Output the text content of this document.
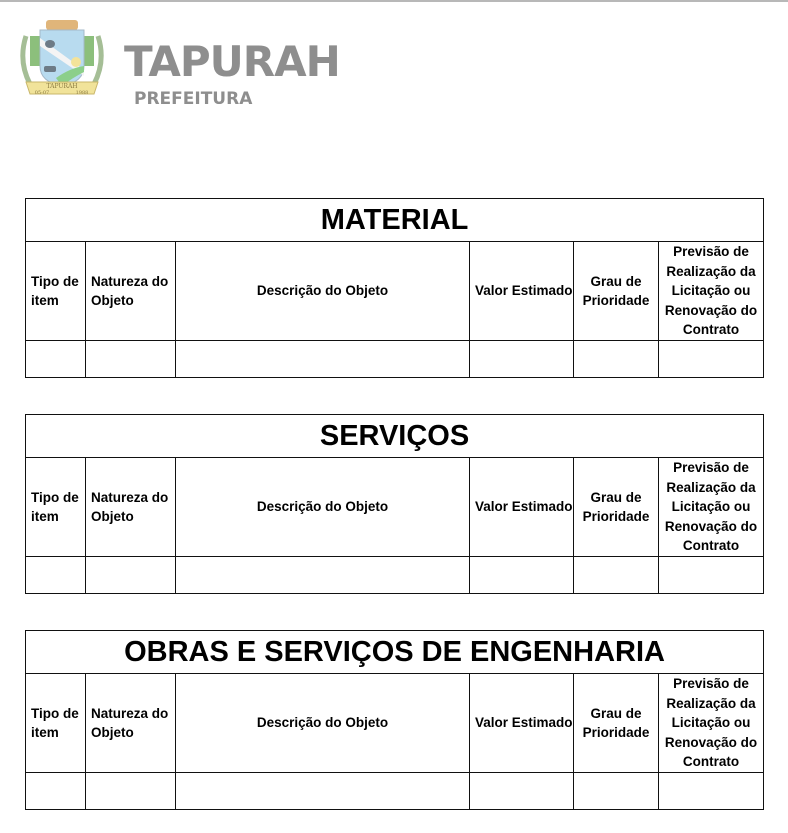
TAPURAH
05-07	1988
TAPURAH
PREFEITURA
MATERIAL					
Tipo de item	Natureza do Objeto	Descrição do Objeto	Valor Estimado	Grau de Prioridade	Previsão de Realização da Licitação ou Renovação do Contrato

SERVIÇOS					
Tipo de item	Natureza do Objeto	Descrição do Objeto	Valor Estimado	Grau de Prioridade	Previsão de Realização da Licitação ou Renovação do Contrato

OBRAS E SERVIÇOS DE ENGENHARIA					
Tipo de item	Natureza do Objeto	Descrição do Objeto	Valor Estimado	Grau de Prioridade	Previsão de Realização da Licitação ou Renovação do Contrato
